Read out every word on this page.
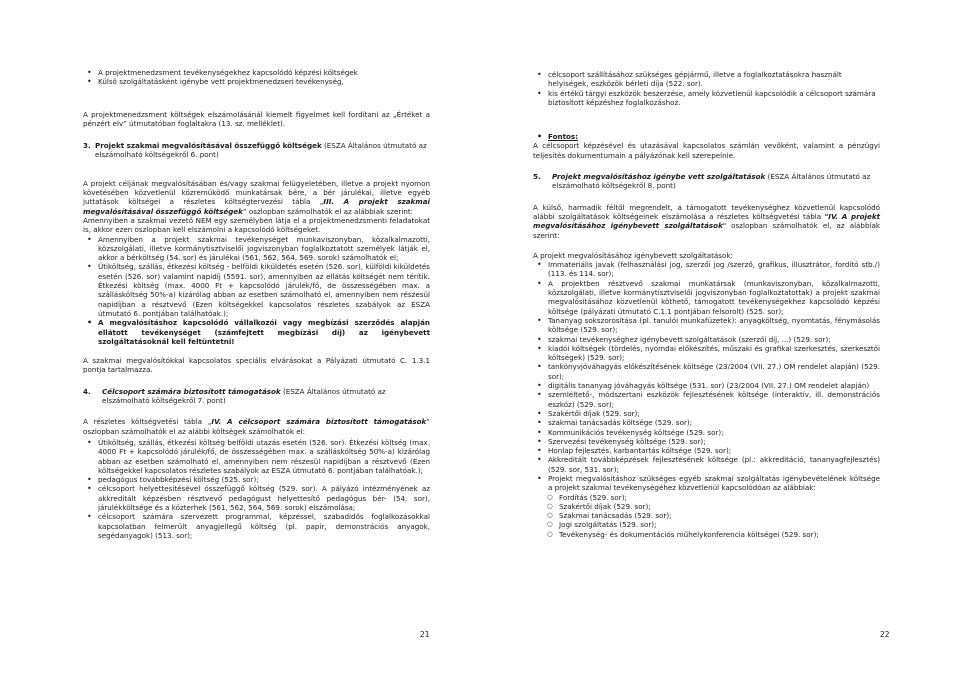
• A projektmenedzsment tevékenységekhez kapcsolódó képzési költségek
• Külső szolgáltatásként igénybe vett projektmenedzseri tevékenység,

A projektmenedzsment költségek elszámolásánál kiemelt figyelmet kell fordítani az „Értéket a pénzért elv” útmutatóban foglaltakra (13. sz. melléklet).

3. Projekt szakmai megvalósításával összefüggő költségek (ESZA Általános útmutató az elszámolható költségekről 6. pont)

A projekt céljának megvalósításában és/vagy szakmai felügyeletében, illetve a projekt nyomon követésében közvetlenül közreműködő munkatársak bére, a bér járulékai, illetve egyéb juttatások költségei a részletes költségtervezési tábla „III. A projekt szakmai megvalósításával összefüggő költségek” oszlopban számolhatók el az alábbiak szerint:

Amennyiben a szakmai vezető NEM egy személyben látja el a projektmenedzsmenti feladatokat is, akkor ezen oszlopban kell elszámolni a kapcsolódó költségeket.

• Amennyiben a projekt szakmai tevékenységet munkaviszonyban, közalkalmazotti, közszolgálati, illetve kormánytisztviselői jogviszonyban foglalkoztatott személyek látják el, akkor a bérköltség (54. sor) és járulékai (561, 562, 564, 569. sorok) számolhatók el;
• Útiköltség, szállás, étkezési költség - belföldi kiküldetés esetén (526. sor), külföldi kiküldetés esetén (526. sor) valamint napidíj (5591. sor), amennyiben az ellátás költségét nem térítik. Étkezési költség (max. 4000 Ft + kapcsolódó járulék/fő, de összességében max. a szállásköltség 50%-a) kizárólag abban az esetben számolható el, amennyiben nem részesül napidíjban a résztvevő (Ezen költségekkel kapcsolatos részletes szabályok az ESZA útmutató 6. pontjában találhatóak.);
• A megvalósításhoz kapcsolódó vállalkozói vagy megbízási szerződés alapján ellátott tevékenységet (számfejtett megbízási díj) az igénybevett szolgáltatásoknál kell feltüntetni!

A szakmai megvalósítókkal kapcsolatos speciális elvárásokat a Pályázati útmutató C. 1.3.1 pontja tartalmazza.

4.	Célcsoport számára biztosított támogatások (ESZA Általános útmutató az elszámolható költségekről 7. pont)

A részletes költségvetési tábla „IV. A célcsoport számára biztosított támogatások” oszlopban számolhatók el az alábbi költségek számolhatók el:

• Útiköltség, szállás, étkezési költség belföldi utazás esetén (526. sor). Étkezési költség (max. 4000 Ft + kapcsolódó járulék/fő, de összességében max. a szállásköltség 50%-a) kizárólag abban az esetben számolható el, amennyiben nem részesül napidíjban a résztvevő (Ezen költségekkel kapcsolatos részletes szabályok az ESZA útmutató 6. pontjában találhatóak.);
• pedagógus továbbképzési költség (525. sor);
• célcsoport helyettesítésével összefüggő költség (529. sor). A pályázó intézményének az akkreditált képzésben résztvevő pedagógust helyettesítő pedagógus bér- (54. sor), járulékköltsége és a közterhek (561, 562, 564, 569. sorok) elszámolása;
• célcsoport számára szervezett programmal, képzéssel, szabadidős foglalkozásokkal kapcsolatban felmerült anyagjellegű költség (pl. papír, demonstrációs anyagok, segédanyagok) (513. sor);
21
• célcsoport szállításához szükséges gépjármű, illetve a foglalkoztatásokra használt helyiségek, eszközök bérleti díja (522. sor).
• kis értékű tárgyi eszközök beszerzése, amely közvetlenül kapcsolódik a célcsoport számára biztosított képzéshez foglalkozáshoz.
• Fontos:

A célcsoport képzésével és utazásával kapcsolatos számlán vevőként, valamint a pénzügyi teljesítés dokumentumain a pályázónak kell szerepelnie.

5.	Projekt megvalósításhoz igénybe vett szolgáltatások (ESZA Általános útmutató az elszámolható költségekről 8. pont)

A külső, harmadik féltől megrendelt, a támogatott tevékenységhez közvetlenül kapcsolódó alábbi szolgáltatások költségeinek elszámolása a részletes költségvetési tábla "IV. A projekt megvalósításához igénybevett szolgáltatások" oszlopban számolhatók el, az alábbiak szerint:

A projekt megvalósításához igénybevett szolgáltatások:

• Immateriális javak (felhasználási jog, szerzői jog /szerző, grafikus, illusztrátor, fordító stb./) (113. és 114. sor);
• A projektben résztvevő szakmai munkatársak (munkaviszonyban, közalkalmazotti, közszolgálati, illetve kormánytisztviselői jogviszonyban foglalkoztatottak) a projekt szakmai megvalósításához közvetlenül köthető, támogatott tevékenységekhez kapcsolódó képzési költsége (pályázati útmutató C.1.1 pontjában felsorolt) (525. sor);
• Tananyag sokszorosítása (pl. tanulói munkafüzetek): anyagköltség, nyomtatás, fénymásolás költsége (529. sor);
• szakmai tevékenységhez igénybevett szolgáltatások (szerzői díj, ...) (529. sor);
• kiadói költségek (tördelés, nyomdai előkészítés, műszaki és grafikai szerkesztés, szerkesztői költségek) (529. sor);
• tankönyvjóváhagyás előkészítésének költsége (23/2004 (VII. 27.) OM rendelet alapján) (529. sor);
• digitális tananyag jóváhagyás költsége (531. sor) (23/2004 (VII. 27.) OM rendelet alapján)
• szemléltető-, módszertani eszközök fejlesztésének költsége (interaktív, ill. demonstrációs eszköz) (529. sor);
• Szakértői díjak (529. sor);
• szakmai tanácsadás költsége (529. sor);
• Kommunikációs tevékenység költsége (529. sor);
• Szervezési tevékenység költsége (529. sor);
• Honlap fejlesztés, karbantartás költsége (529. sor);
• Akkreditált továbbképzések fejlesztésének költsége (pl.: akkreditáció, tananyagfejlesztés) (529. sor, 531. sor);
• Projekt megvalósításhoz szükséges egyéb szakmai szolgáltatás igénybevételének költsége a projekt szakmai tevékenységéhez közvetlenül kapcsolódóan az alábbiak:
○ Fordítás (529. sor);
○ Szakértői díjak (529. sor);
○ Szakmai tanácsadás (529. sor);
○ Jogi szolgáltatás (529. sor);
○ Tevékenység- és dokumentációs műhelykonferencia költségei (529. sor);
22
